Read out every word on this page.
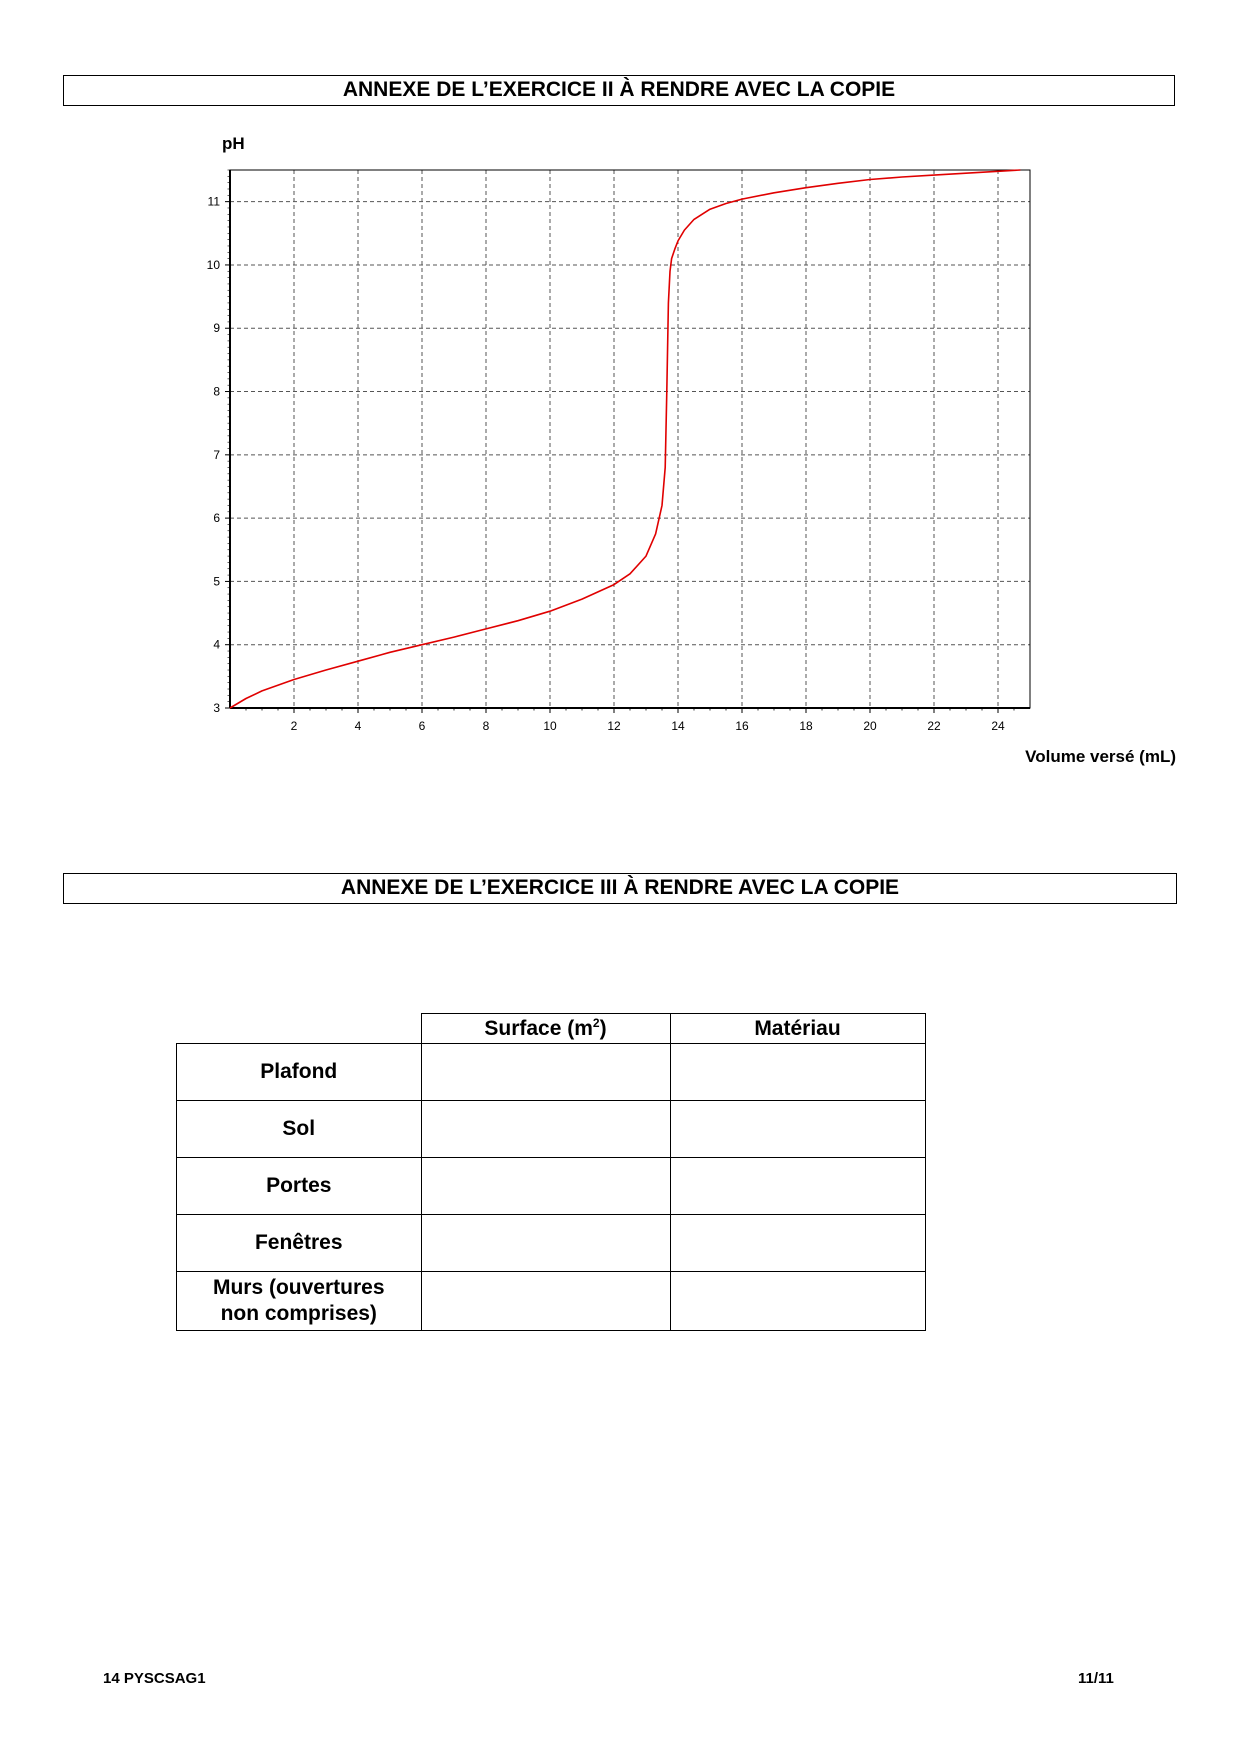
ANNEXE DE L’EXERCICE II À RENDRE AVEC LA COPIE
2	4	6	8	10	12	14	16	18	20	22	24
3
4
5
6
7
8
9
10
11
pH
Volume versé (mL)
ANNEXE DE L’EXERCICE III À RENDRE AVEC LA COPIE
	Surface $(m^2)$	Matériau
Plafond		
Sol		
Portes		
Fenêtres		
Murs (ouvertures
non comprises)		
14 PYSCSAG1	11/11
